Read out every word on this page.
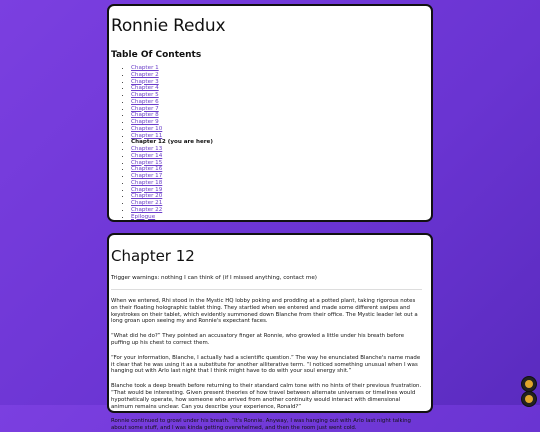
Ronnie Redux
Table Of Contents
• Chapter 1
• Chapter 2
• Chapter 3
• Chapter 4
• Chapter 5
• Chapter 6
• Chapter 7
• Chapter 8
• Chapter 9
• Chapter 10
• Chapter 11
• Chapter 12 (you are here)
• Chapter 13
• Chapter 14
• Chapter 15
• Chapter 16
• Chapter 17
• Chapter 18
• Chapter 19
• Chapter 20
• Chapter 21
• Chapter 22
• Epilogue
Chapter 12
Trigger warnings: nothing I can think of (if I missed anything, contact me)

When we entered, Rhi stood in the Mystic HQ lobby poking and prodding at a potted plant, taking rigorous notes on their floating holographic tablet thing. They startled when we entered and made some different swipes and keystrokes on their tablet, which evidently summoned down Blanche from their office. The Mystic leader let out a long groan upon seeing my and Ronnie's expectant faces.

“What did he do?” They pointed an accusatory finger at Ronnie, who growled a little under his breath before puffing up his chest to correct them.

“For your information, Blanche, I actually had a scientific question.” The way he enunciated Blanche's name made it clear that he was using it as a substitute for another alliterative term. “I noticed something unusual when I was hanging out with Arlo last night that I think might have to do with your soul energy shit.”

Blanche took a deep breath before returning to their standard calm tone with no hints of their previous frustration. “That would be interesting. Given present theories of how travel between alternate universes or timelines would hypothetically operate, how someone who arrived from another continuity would interact with dimensional animum remains unclear. Can you describe your experience, Ronald?”

Ronnie continued to growl under his breath. “It's Ronnie. Anyway, I was hanging out with Arlo last night talking about some stuff, and I was kinda getting overwhelmed, and then the room just went cold.
